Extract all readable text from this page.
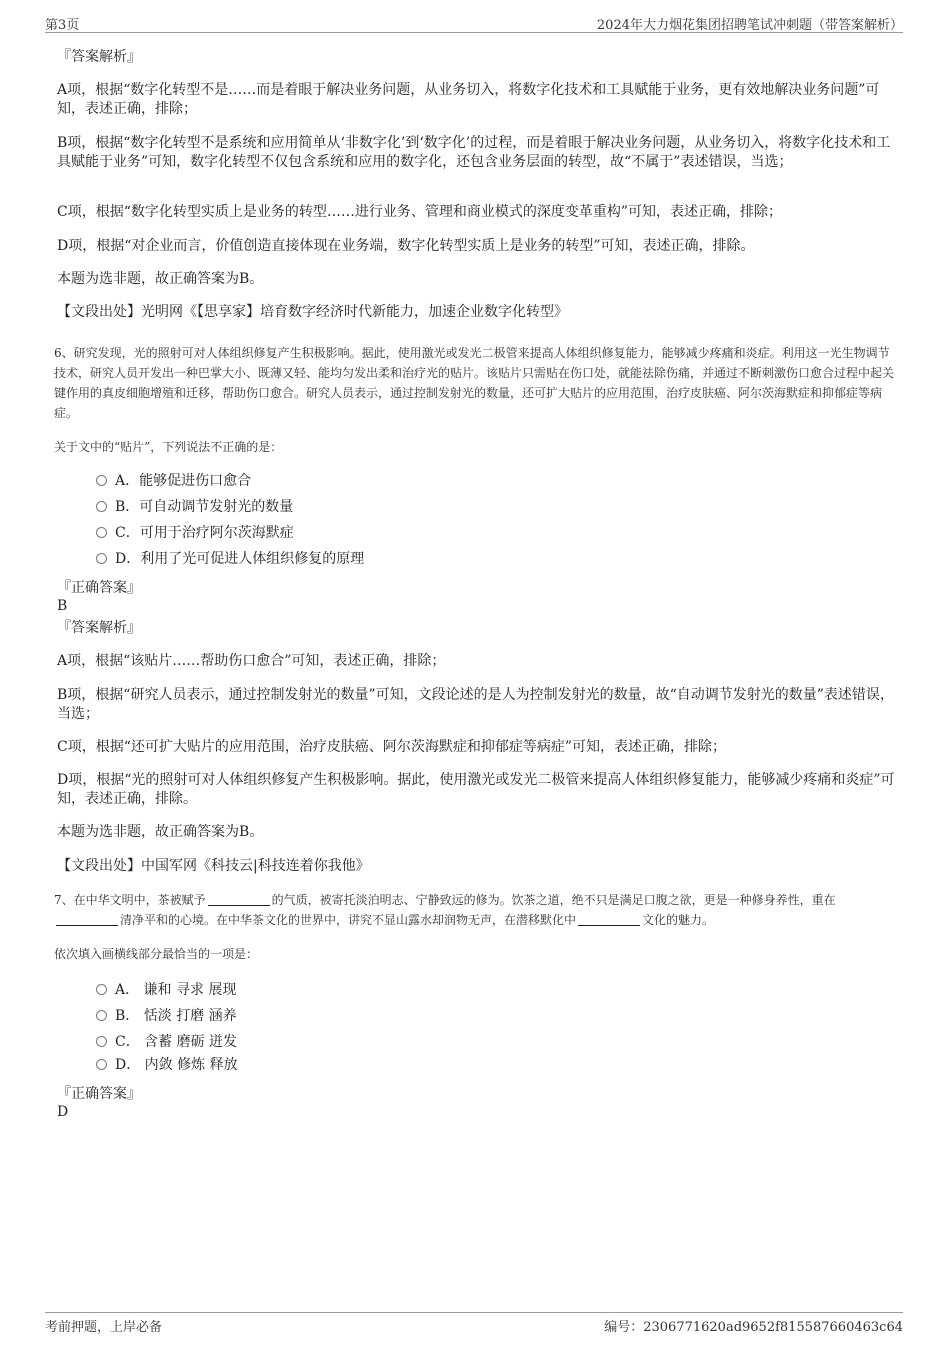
第3页	2024年大力烟花集团招聘笔试冲刺题（带答案解析）
『答案解析』
A项，根据“数字化转型不是……而是着眼于解决业务问题，从业务切入，将数字化技术和工具赋能于业务，更有效地解决业务问题”可知，表述正确，排除；
B项，根据“数字化转型不是系统和应用简单从‘非数字化’到‘数字化’的过程，而是着眼于解决业务问题，从业务切入，将数字化技术和工具赋能于业务”可知，数字化转型不仅包含系统和应用的数字化，还包含业务层面的转型，故“不属于”表述错误，当选；
C项，根据“数字化转型实质上是业务的转型……进行业务、管理和商业模式的深度变革重构”可知，表述正确，排除；
D项，根据“对企业而言，价值创造直接体现在业务端，数字化转型实质上是业务的转型”可知，表述正确，排除。
本题为选非题，故正确答案为B。
【文段出处】光明网《【思享家】培育数字经济时代新能力，加速企业数字化转型》
6、研究发现，光的照射可对人体组织修复产生积极影响。据此，使用激光或发光二极管来提高人体组织修复能力，能够减少疼痛和炎症。利用这一光生物调节技术，研究人员开发出一种巴掌大小、既薄又轻、能均匀发出柔和治疗光的贴片。该贴片只需贴在伤口处，就能祛除伤痛，并通过不断刺激伤口愈合过程中起关键作用的真皮细胞增殖和迁移，帮助伤口愈合。研究人员表示，通过控制发射光的数量，还可扩大贴片的应用范围，治疗皮肤癌、阿尔茨海默症和抑郁症等病症。
关于文中的“贴片”，下列说法不正确的是：
A．能够促进伤口愈合
B．可自动调节发射光的数量
C．可用于治疗阿尔茨海默症
D．利用了光可促进人体组织修复的原理
『正确答案』
B
『答案解析』
A项，根据“该贴片……帮助伤口愈合”可知，表述正确，排除；
B项，根据“研究人员表示，通过控制发射光的数量”可知，文段论述的是人为控制发射光的数量，故“自动调节发射光的数量”表述错误，当选；
C项，根据“还可扩大贴片的应用范围，治疗皮肤癌、阿尔茨海默症和抑郁症等病症”可知，表述正确，排除；
D项，根据“光的照射可对人体组织修复产生积极影响。据此，使用激光或发光二极管来提高人体组织修复能力，能够减少疼痛和炎症”可知，表述正确，排除。
本题为选非题，故正确答案为B。
【文段出处】中国军网《科技云|科技连着你我他》
7、在中华文明中，茶被赋予	的气质，被寄托淡泊明志、宁静致远的修为。饮茶之道，绝不只是满足口腹之欲，更是一种修身养性，重在清净平和的心境。在中华茶文化的世界中，讲究不显山露水却润物无声，在潜移默化中	文化的魅力。
依次填入画横线部分最恰当的一项是：
A． 谦和 寻求 展现
B． 恬淡 打磨 涵养
C． 含蓄 磨砺 迸发
D． 内敛 修炼 释放
『正确答案』
D
考前押题，上岸必备	编号：2306771620ad9652f815587660463c64
